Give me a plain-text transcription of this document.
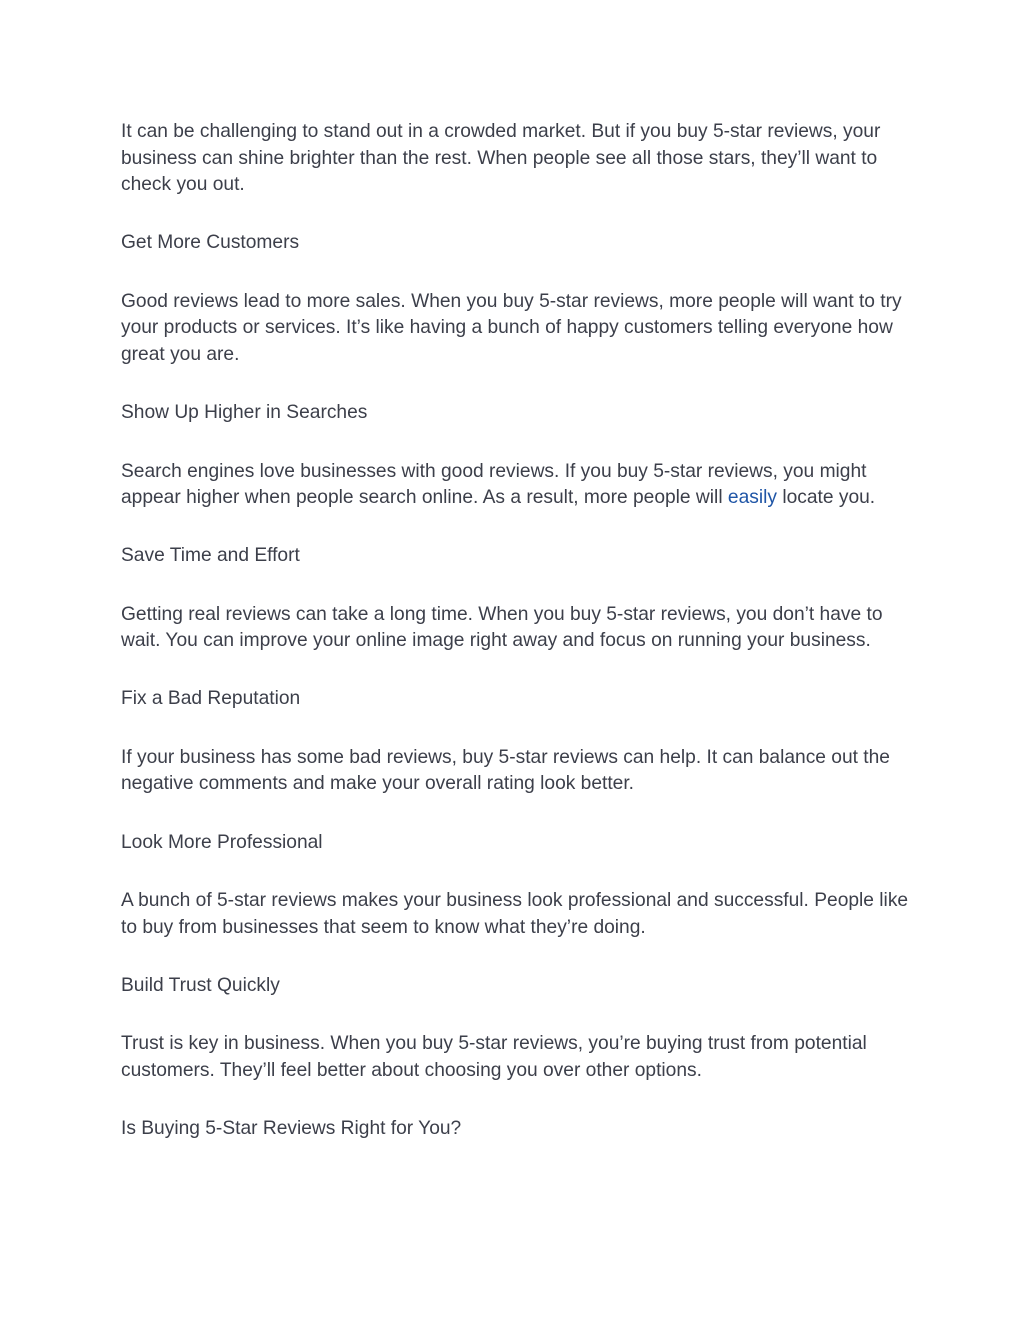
It can be challenging to stand out in a crowded market. But if you buy 5-star reviews, your business can shine brighter than the rest. When people see all those stars, they’ll want to check you out.

Get More Customers

Good reviews lead to more sales. When you buy 5-star reviews, more people will want to try your products or services. It’s like having a bunch of happy customers telling everyone how great you are.

Show Up Higher in Searches

Search engines love businesses with good reviews. If you buy 5-star reviews, you might appear higher when people search online. As a result, more people will easily locate you.

Save Time and Effort

Getting real reviews can take a long time. When you buy 5-star reviews, you don’t have to wait. You can improve your online image right away and focus on running your business.

Fix a Bad Reputation

If your business has some bad reviews, buy 5-star reviews can help. It can balance out the negative comments and make your overall rating look better.

Look More Professional

A bunch of 5-star reviews makes your business look professional and successful. People like to buy from businesses that seem to know what they’re doing.

Build Trust Quickly

Trust is key in business. When you buy 5-star reviews, you’re buying trust from potential customers. They’ll feel better about choosing you over other options.

Is Buying 5-Star Reviews Right for You?
